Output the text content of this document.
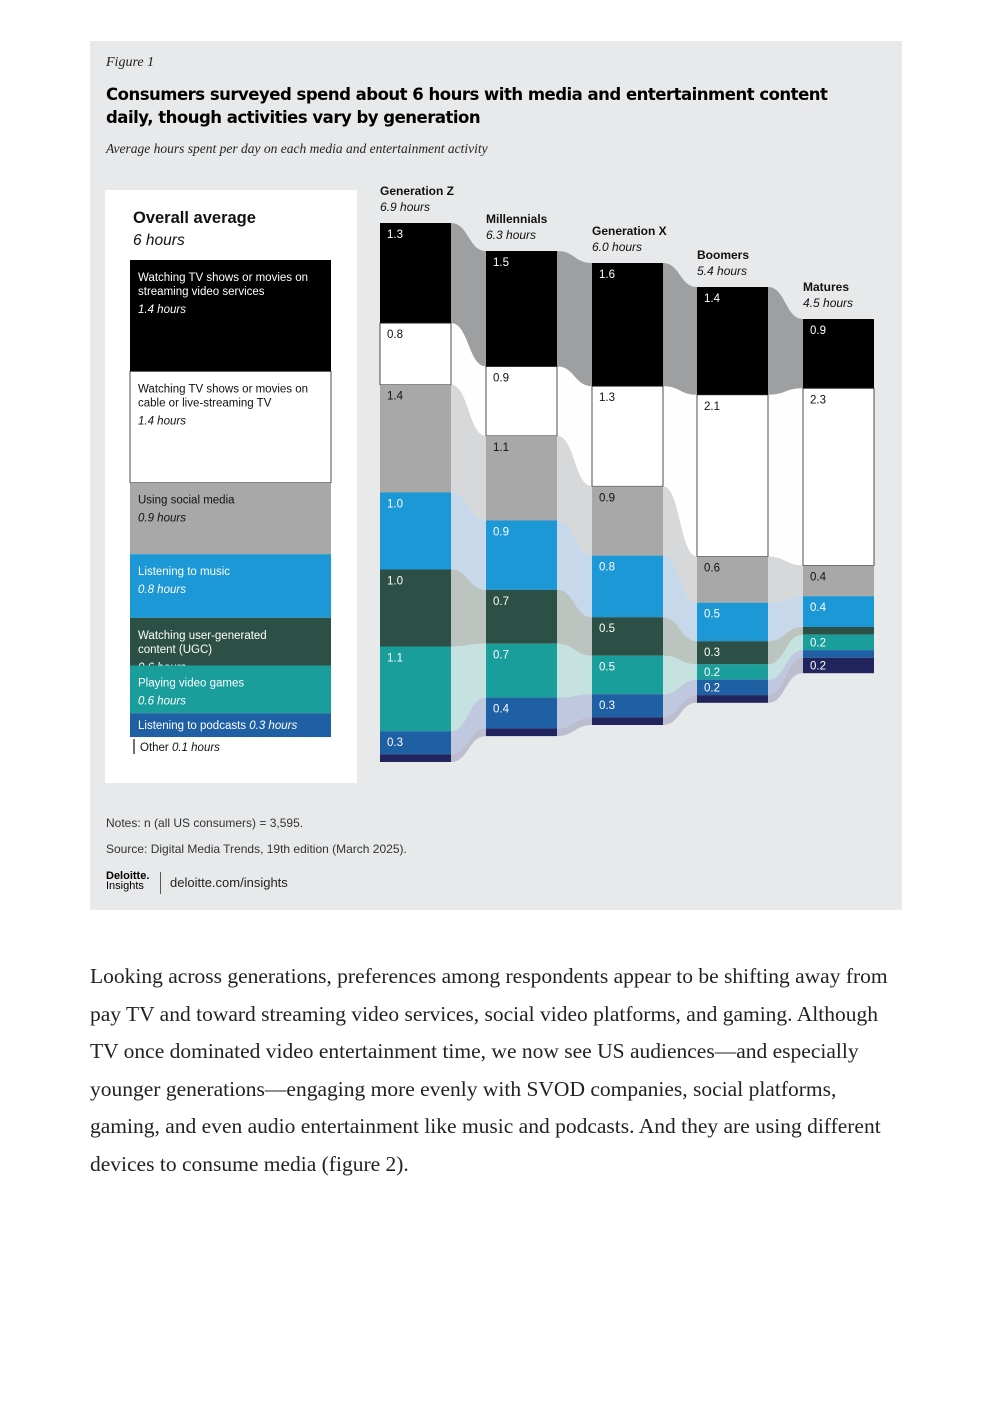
Overall average
6 hours
Watching TV shows or movies on
streaming video services
1.4 hours
Watching TV shows or movies on
cable or live-streaming TV
1.4 hours
Using social media
0.9 hours
Listening to music
0.8 hours
Watching user-generated
content (UGC)
Playing video games
0.6 hours
Listening to podcasts 0.3 hours
Other 0.1 hours
Generation Z
6.9 hours
1.3
0.8
1.4
1.0
1.0
1.1
0.3
Millennials
6.3 hours
1.5
0.9
1.1
0.9
0.7
0.7
0.4
Generation X
6.0 hours
1.6
1.3
0.9
0.8
0.5
0.5
0.3
Boomers
5.4 hours
1.4
2.1
0.6
0.5
0.3
0.2
0.2
Matures
4.5 hours
0.9
2.3
0.4
0.4
0.2
0.2
Figure 1
Consumers surveyed spend about 6 hours with media and entertainment content daily, though activities vary by generation
Average hours spent per day on each media and entertainment activity
Notes: n (all US consumers) = 3,595.
Source: Digital Media Trends, 19th edition (March 2025).
Deloitte.
Insights	deloitte.com/insights

Looking across generations, preferences among respondents appear to be shifting away from pay TV and toward streaming video services, social video platforms, and gaming. Although TV once dominated video entertainment time, we now see US audiences—and especially younger generations—engaging more evenly with SVOD companies, social platforms, gaming, and even audio entertainment like music and podcasts. And they are using different devices to consume media (figure 2).
